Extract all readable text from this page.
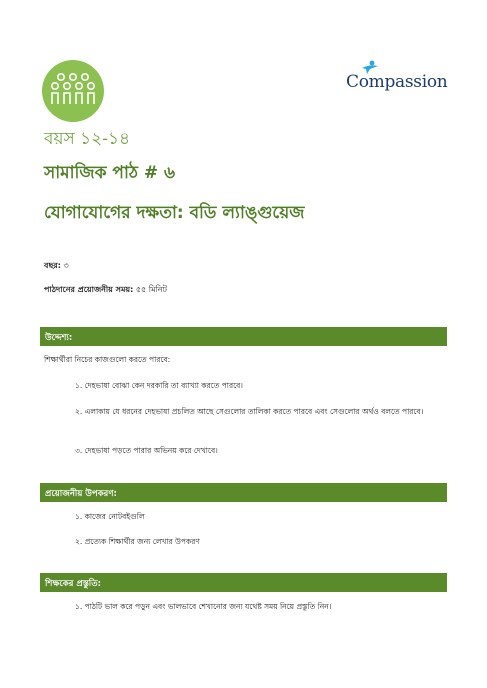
Compassion
বয়স ১২-১৪
সামাজিক পাঠ # ৬
যোগাযোগের দক্ষতা: বডি ল্যাঙ্গুয়েজ
বছর: ৩
পাঠদানের প্রয়োজনীয় সময়: ৫৫ মিনিট
উদ্দেশ্য:
শিক্ষার্থীরা নিচের কাজগুলো করতে পারবে:
১. দেহভাষা বোঝা কেন দরকারি তা ব্যাখ্যা করতে পারবে।
২. এলাকায় যে ধরনের দেহভাষা প্রচলিত আছে সেগুলোর তালিকা করতে পারবে এবং সেগুলোর অর্থও বলতে পারবে।
৩. দেহভাষা পড়তে পারার অভিনয় করে দেখাবে।
প্রয়োজনীয় উপকরণ:
১. কাজের নোটবইগুলি
২. প্রত্যেক শিক্ষার্থীর জন্য লেখার উপকরণ
শিক্ষকের প্রস্তুতি:
১. পাঠটি ভাল করে পড়ুন এবং ভালভাবে শেখানোর জন্য যথেষ্ট সময় নিয়ে প্রস্তুতি নিন।
